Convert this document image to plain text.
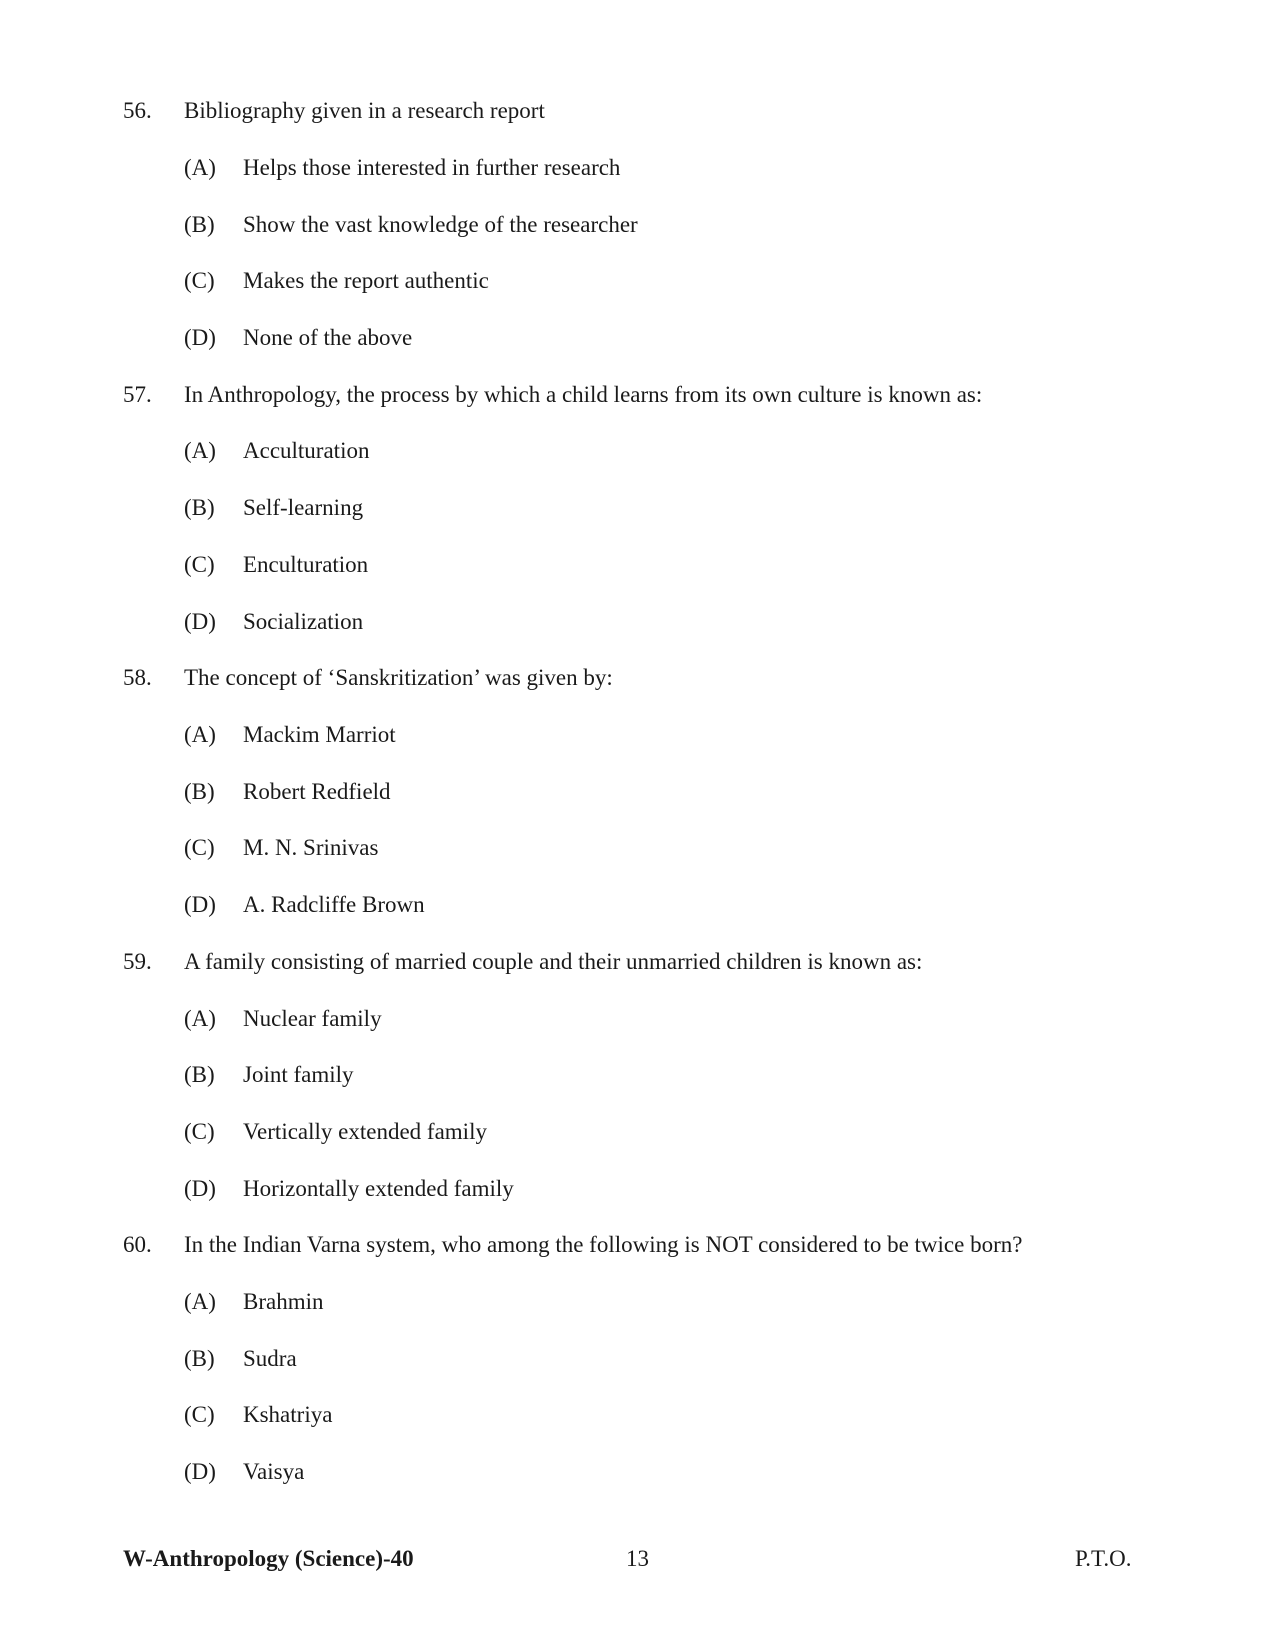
56. Bibliography given in a research report
(A) Helps those interested in further research
(B) Show the vast knowledge of the researcher
(C) Makes the report authentic
(D) None of the above
57. In Anthropology, the process by which a child learns from its own culture is known as:
(A) Acculturation
(B) Self-learning
(C) Enculturation
(D) Socialization
58. The concept of ‘Sanskritization’ was given by:
(A) Mackim Marriot
(B) Robert Redfield
(C) M. N. Srinivas
(D) A. Radcliffe Brown
59. A family consisting of married couple and their unmarried children is known as:
(A) Nuclear family
(B) Joint family
(C) Vertically extended family
(D) Horizontally extended family
60. In the Indian Varna system, who among the following is NOT considered to be twice born?
(A) Brahmin
(B) Sudra
(C) Kshatriya
(D) Vaisya
W-Anthropology (Science)-40	13	P.T.O.
